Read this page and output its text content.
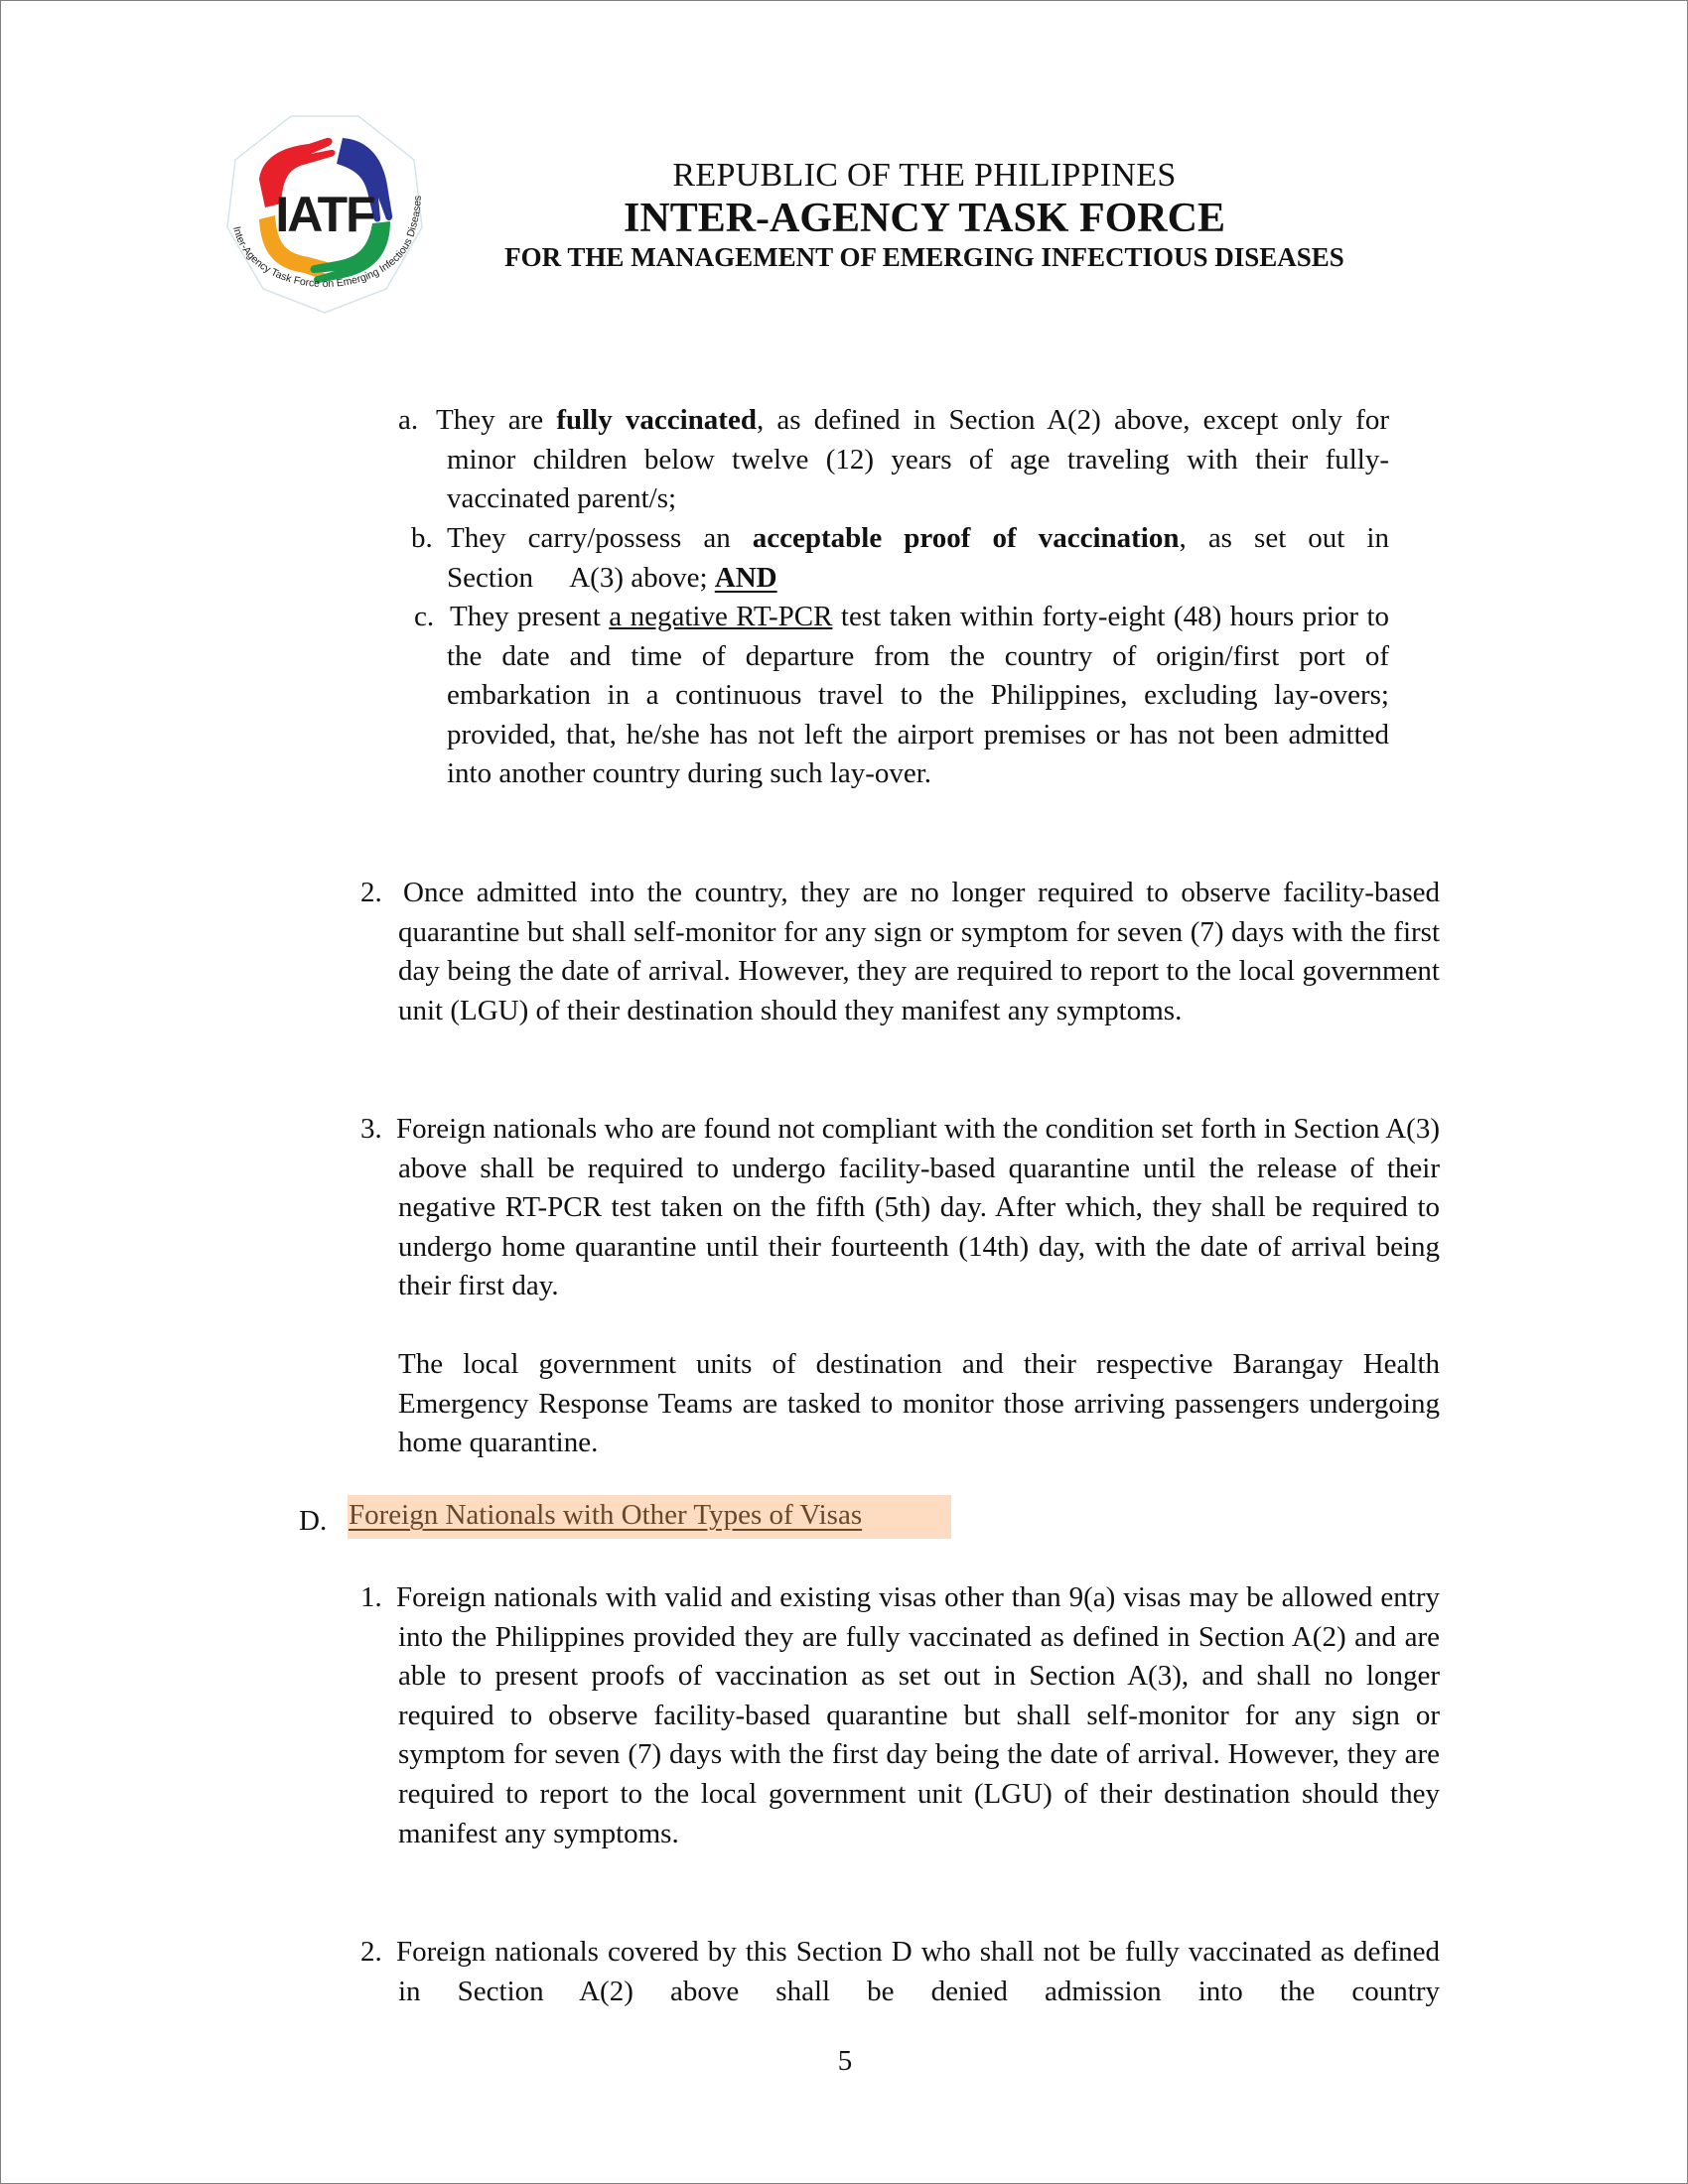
IATF
Inter-Agency Task Force on Emerging Infectious Diseases
REPUBLIC OF THE PHILIPPINES
INTER-AGENCY TASK FORCE
FOR THE MANAGEMENT OF EMERGING INFECTIOUS DISEASES
a. They are fully vaccinated, as defined in Section A(2) above, except only for minor children below twelve (12) years of age traveling with their fully-vaccinated parent/s;
b. They carry/possess an acceptable proof of vaccination, as set out in Section     A(3) above; AND
c. They present a negative RT-PCR test taken within forty-eight (48) hours prior to the date and time of departure from the country of origin/first port of embarkation in a continuous travel to the Philippines, excluding lay-overs; provided, that, he/she has not left the airport premises or has not been admitted into another country during such lay-over.
2. Once admitted into the country, they are no longer required to observe facility-based quarantine but shall self-monitor for any sign or symptom for seven (7) days with the first day being the date of arrival. However, they are required to report to the local government unit (LGU) of their destination should they manifest any symptoms.
3. Foreign nationals who are found not compliant with the condition set forth in Section A(3) above shall be required to undergo facility-based quarantine until the release of their negative RT-PCR test taken on the fifth (5th) day. After which, they shall be required to undergo home quarantine until their fourteenth (14th) day, with the date of arrival being their first day.
The local government units of destination and their respective Barangay Health Emergency Response Teams are tasked to monitor those arriving passengers undergoing home quarantine.
D. Foreign Nationals with Other Types of Visas
1. Foreign nationals with valid and existing visas other than 9(a) visas may be allowed entry into the Philippines provided they are fully vaccinated as defined in Section A(2) and are able to present proofs of vaccination as set out in Section A(3), and shall no longer required to observe facility-based quarantine but shall self-monitor for any sign or symptom for seven (7) days with the first day being the date of arrival. However, they are required to report to the local government unit (LGU) of their destination should they manifest any symptoms.
2. Foreign nationals covered by this Section D who shall not be fully vaccinated as defined in Section A(2) above shall be denied admission into the country
5
